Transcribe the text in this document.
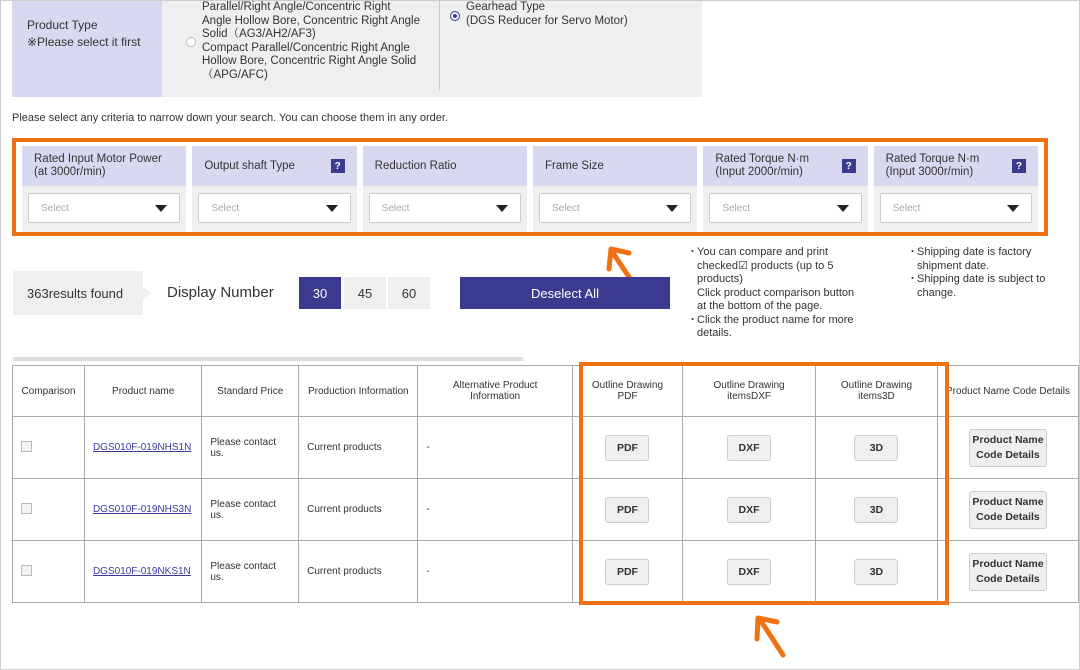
Product Type
※Please select it first
Parallel/Right Angle/Concentric Right
Angle Hollow Bore, Concentric Right Angle
Solid（AG3/AH2/AF3)
Compact Parallel/Concentric Right Angle
Hollow Bore, Concentric Right Angle Solid
（APG/AFC)
Gearhead Type
(DGS Reducer for Servo Motor)
Please select any criteria to narrow down your search. You can choose them in any order.
Rated Input Motor Power
(at 3000r/min)
Select
Output shaft Type	?
Select
Reduction Ratio
Select
Frame Size
Select
Rated Torque N·m
(Input 2000r/min)	?
Select
Rated Torque N·m
(Input 3000r/min)	?
Select
363results found	Display Number	30	45	60	Deselect All
・ You can compare and print
checked☑ products (up to 5
products)
Click product comparison button
at the bottom of the page.
・ Click the product name for more
details.
・ Shipping date is factory
shipment date.
・ Shipping date is subject to
change.
Comparison	Product name	Standard Price	Production Information	Alternative Product Information	Outline Drawing PDF	Outline Drawing itemsDXF	Outline Drawing items3D	Product Name Code Details
	DGS010F-019NHS1N	Please contact us.	Current products	-	PDF	DXF	3D	Product Name
Code Details

	DGS010F-019NHS3N	Please contact us.	Current products	-	PDF	DXF	3D	Product Name
Code Details

	DGS010F-019NKS1N	Please contact us.	Current products	-	PDF	DXF	3D	Product Name
Code Details
